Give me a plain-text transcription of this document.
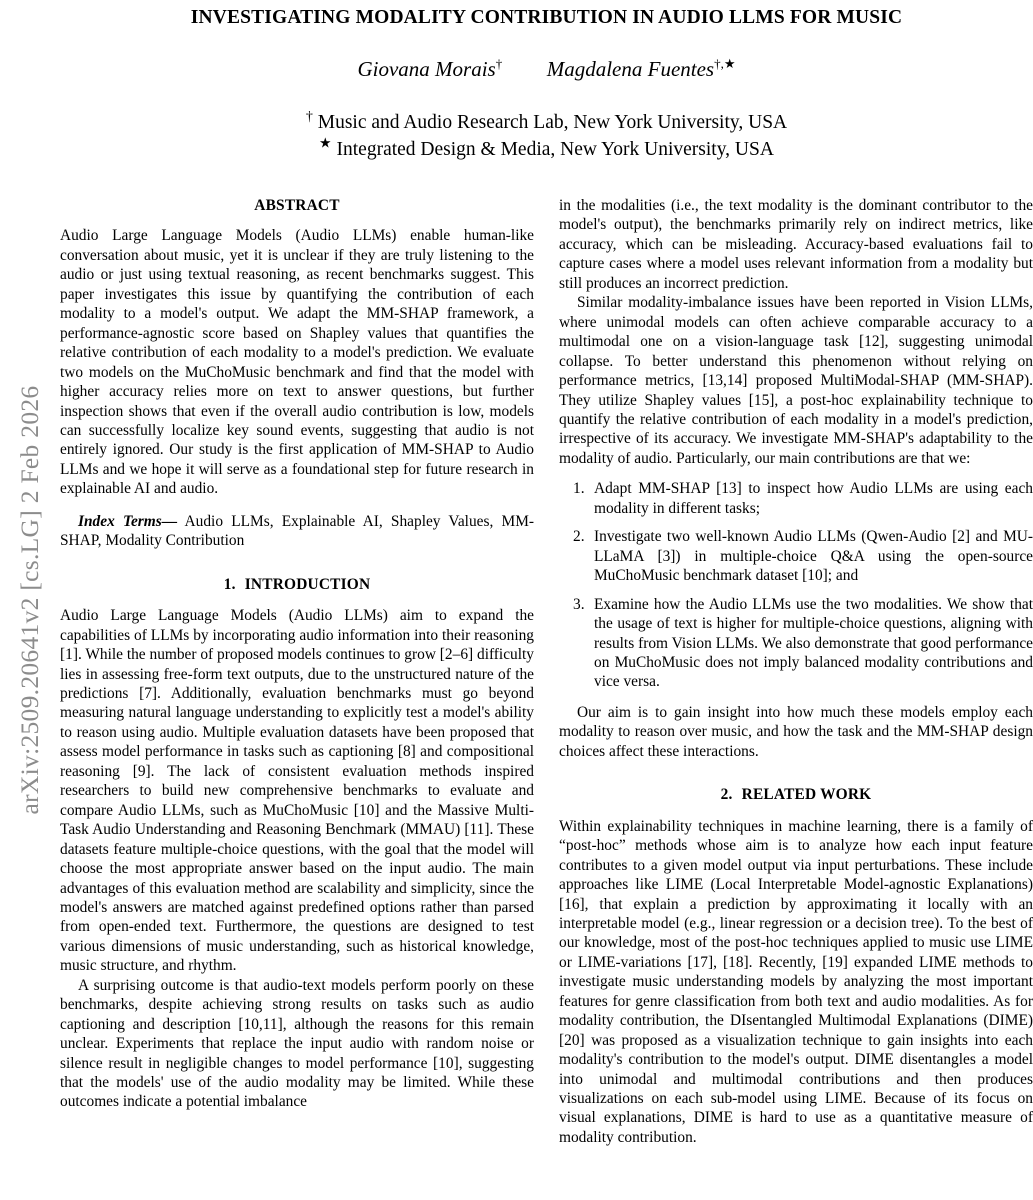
arXiv:2509.20641v2 [cs.LG] 2 Feb 2026
INVESTIGATING MODALITY CONTRIBUTION IN AUDIO LLMS FOR MUSIC
Giovana Morais† Magdalena Fuentes†,★
† Music and Audio Research Lab, New York University, USA
★ Integrated Design & Media, New York University, USA
ABSTRACT

Audio Large Language Models (Audio LLMs) enable human-like conversation about music, yet it is unclear if they are truly listening to the audio or just using textual reasoning, as recent benchmarks suggest. This paper investigates this issue by quantifying the contribution of each modality to a model's output. We adapt the MM-SHAP framework, a performance-agnostic score based on Shapley values that quantifies the relative contribution of each modality to a model's prediction. We evaluate two models on the MuChoMusic benchmark and find that the model with higher accuracy relies more on text to answer questions, but further inspection shows that even if the overall audio contribution is low, models can successfully localize key sound events, suggesting that audio is not entirely ignored. Our study is the first application of MM-SHAP to Audio LLMs and we hope it will serve as a foundational step for future research in explainable AI and audio.

Index Terms— Audio LLMs, Explainable AI, Shapley Values, MM-SHAP, Modality Contribution

1. INTRODUCTION

Audio Large Language Models (Audio LLMs) aim to expand the capabilities of LLMs by incorporating audio information into their reasoning [1]. While the number of proposed models continues to grow [2–6] difficulty lies in assessing free-form text outputs, due to the unstructured nature of the predictions [7]. Additionally, evaluation benchmarks must go beyond measuring natural language understanding to explicitly test a model's ability to reason using audio. Multiple evaluation datasets have been proposed that assess model performance in tasks such as captioning [8] and compositional reasoning [9]. The lack of consistent evaluation methods inspired researchers to build new comprehensive benchmarks to evaluate and compare Audio LLMs, such as MuChoMusic [10] and the Massive Multi-Task Audio Understanding and Reasoning Benchmark (MMAU) [11]. These datasets feature multiple-choice questions, with the goal that the model will choose the most appropriate answer based on the input audio. The main advantages of this evaluation method are scalability and simplicity, since the model's answers are matched against predefined options rather than parsed from open-ended text. Furthermore, the questions are designed to test various dimensions of music understanding, such as historical knowledge, music structure, and rhythm.

A surprising outcome is that audio-text models perform poorly on these benchmarks, despite achieving strong results on tasks such as audio captioning and description [10,11], although the reasons for this remain unclear. Experiments that replace the input audio with random noise or silence result in negligible changes to model performance [10], suggesting that the models' use of the audio modality may be limited. While these outcomes indicate a potential imbalance

in the modalities (i.e., the text modality is the dominant contributor to the model's output), the benchmarks primarily rely on indirect metrics, like accuracy, which can be misleading. Accuracy-based evaluations fail to capture cases where a model uses relevant information from a modality but still produces an incorrect prediction.

Similar modality-imbalance issues have been reported in Vision LLMs, where unimodal models can often achieve comparable accuracy to a multimodal one on a vision-language task [12], suggesting unimodal collapse. To better understand this phenomenon without relying on performance metrics, [13,14] proposed MultiModal-SHAP (MM-SHAP). They utilize Shapley values [15], a post-hoc explainability technique to quantify the relative contribution of each modality in a model's prediction, irrespective of its accuracy. We investigate MM-SHAP's adaptability to the modality of audio. Particularly, our main contributions are that we:

Adapt MM-SHAP [13] to inspect how Audio LLMs are using each modality in different tasks;
Investigate two well-known Audio LLMs (Qwen-Audio [2] and MU-LLaMA [3]) in multiple-choice Q&A using the open-source MuChoMusic benchmark dataset [10]; and
Examine how the Audio LLMs use the two modalities. We show that the usage of text is higher for multiple-choice questions, aligning with results from Vision LLMs. We also demonstrate that good performance on MuChoMusic does not imply balanced modality contributions and vice versa.

Our aim is to gain insight into how much these models employ each modality to reason over music, and how the task and the MM-SHAP design choices affect these interactions.

2. RELATED WORK

Within explainability techniques in machine learning, there is a family of “post-hoc” methods whose aim is to analyze how each input feature contributes to a given model output via input perturbations. These include approaches like LIME (Local Interpretable Model-agnostic Explanations) [16], that explain a prediction by approximating it locally with an interpretable model (e.g., linear regression or a decision tree). To the best of our knowledge, most of the post-hoc techniques applied to music use LIME or LIME-variations [17], [18]. Recently, [19] expanded LIME methods to investigate music understanding models by analyzing the most important features for genre classification from both text and audio modalities. As for modality contribution, the DIsentangled Multimodal Explanations (DIME) [20] was proposed as a visualization technique to gain insights into each modality's contribution to the model's output. DIME disentangles a model into unimodal and multimodal contributions and then produces visualizations on each sub-model using LIME. Because of its focus on visual explanations, DIME is hard to use as a quantitative measure of modality contribution.
